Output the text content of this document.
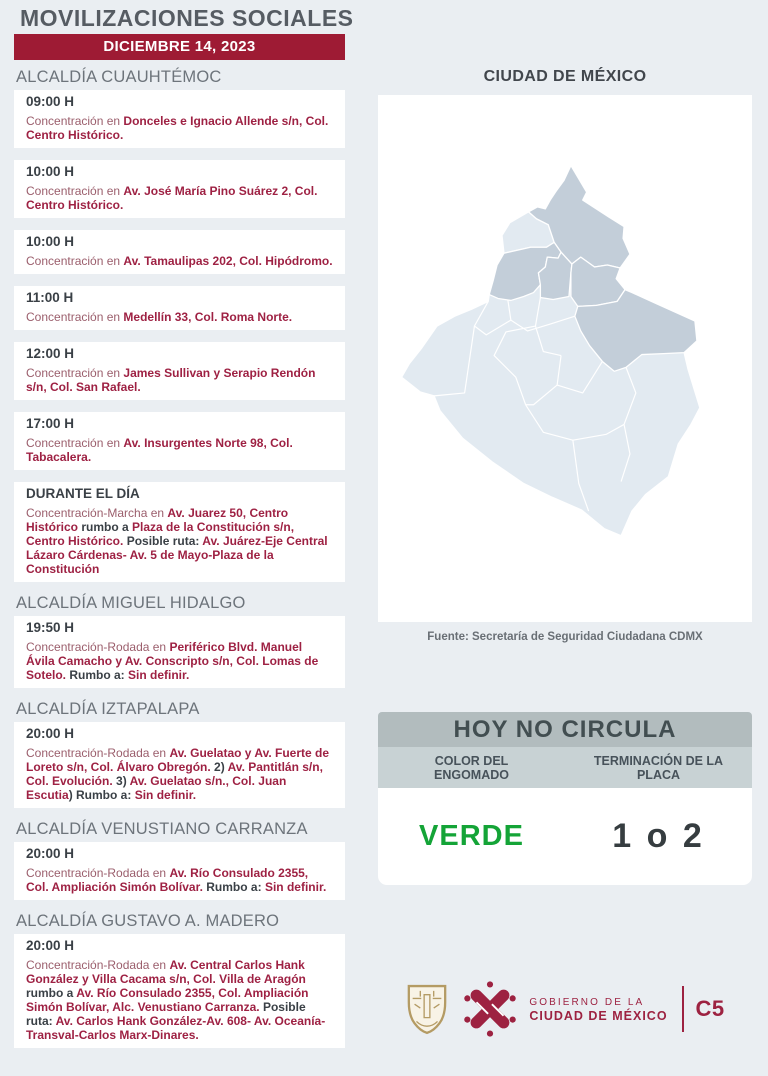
MOVILIZACIONES SOCIALES
DICIEMBRE 14, 2023
ALCALDÍA CUAUHTÉMOC
09:00 H
Concentración en Donceles e Ignacio Allende s/n, Col. Centro Histórico.
10:00 H
Concentración en Av. José María Pino Suárez 2, Col. Centro Histórico.
10:00 H
Concentración en Av. Tamaulipas 202, Col. Hipódromo.
11:00 H
Concentración en Medellín 33, Col. Roma Norte.
12:00 H
Concentración en James Sullivan y Serapio Rendón s/n, Col. San Rafael.
17:00 H
Concentración en Av. Insurgentes Norte 98, Col. Tabacalera.
DURANTE EL DÍA
Concentración-Marcha en Av. Juarez 50, Centro Histórico rumbo a Plaza de la Constitución s/n, Centro Histórico. Posible ruta: Av. Juárez-Eje Central Lázaro Cárdenas- Av. 5 de Mayo-Plaza de la Constitución
ALCALDÍA MIGUEL HIDALGO
19:50 H
Concentración-Rodada en Periférico Blvd. Manuel Ávila Camacho y Av. Conscripto s/n, Col. Lomas de Sotelo. Rumbo a: Sin definir.
ALCALDÍA IZTAPALAPA
20:00 H
Concentración-Rodada en Av. Guelatao y Av. Fuerte de Loreto s/n, Col. Álvaro Obregón. 2) Av. Pantitlán s/n, Col. Evolución. 3) Av. Guelatao s/n., Col. Juan Escutia) Rumbo a: Sin definir.
ALCALDÍA VENUSTIANO CARRANZA
20:00 H
Concentración-Rodada en Av. Río Consulado 2355, Col. Ampliación Simón Bolívar. Rumbo a: Sin definir.
ALCALDÍA GUSTAVO A. MADERO
20:00 H
Concentración-Rodada en Av. Central Carlos Hank González y Villa Cacama s/n, Col. Villa de Aragón rumbo a Av. Río Consulado 2355, Col. Ampliación Simón Bolívar, Alc. Venustiano Carranza. Posible ruta: Av. Carlos Hank González-Av. 608- Av. Oceanía-Transval-Carlos Marx-Dinares.
CIUDAD DE MÉXICO
Fuente: Secretaría de Seguridad Ciudadana CDMX
HOY NO CIRCULA
COLOR DEL ENGOMADO
TERMINACIÓN DE LA PLACA
VERDE	1 o 2
GOBIERNO DE LA
CIUDAD DE MÉXICO C5
